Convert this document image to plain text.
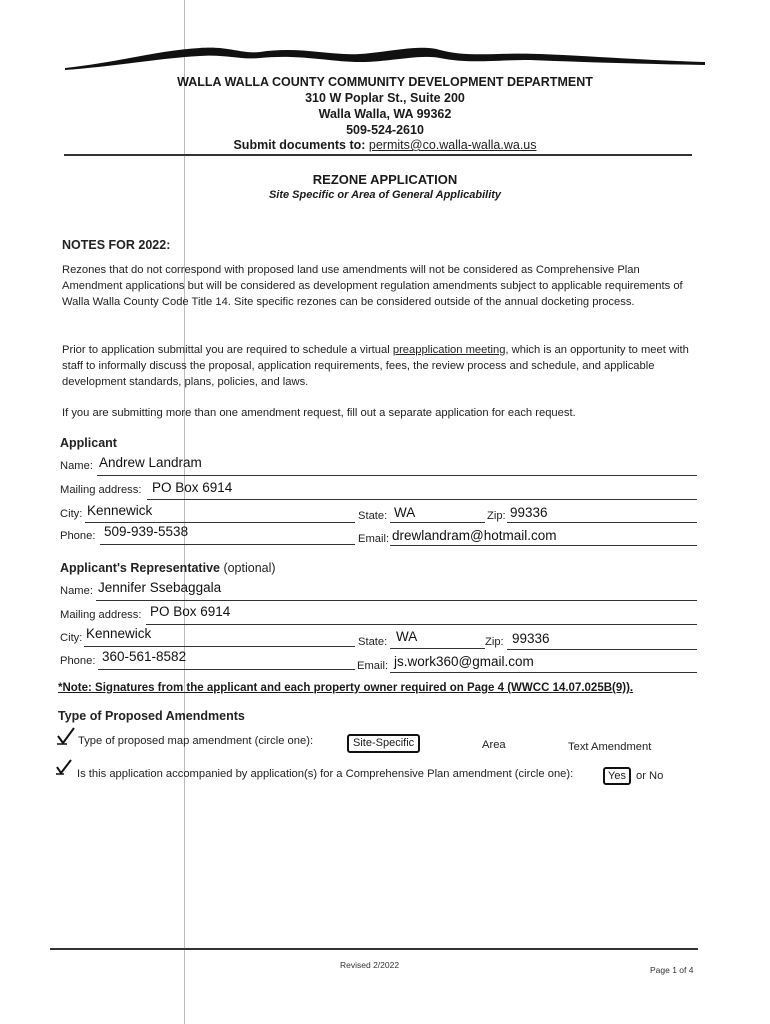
WALLA WALLA COUNTY COMMUNITY DEVELOPMENT DEPARTMENT
310 W Poplar St., Suite 200
Walla Walla, WA 99362
509-524-2610
Submit documents to: permits@co.walla-walla.wa.us
REZONE APPLICATION
Site Specific or Area of General Applicability
NOTES FOR 2022:
Rezones that do not correspond with proposed land use amendments will not be considered as Comprehensive Plan Amendment applications but will be considered as development regulation amendments subject to applicable requirements of Walla Walla County Code Title 14. Site specific rezones can be considered outside of the annual docketing process.
Prior to application submittal you are required to schedule a virtual preapplication meeting, which is an opportunity to meet with staff to informally discuss the proposal, application requirements, fees, the review process and schedule, and applicable development standards, plans, policies, and laws.
If you are submitting more than one amendment request, fill out a separate application for each request.
Applicant
Name: Andrew Landram
Mailing address: PO Box 6914
City: Kennewick	State: WA	Zip: 99336
Phone: 509-939-5538	Email: drewlandram@hotmail.com
Applicant's Representative (optional)
Name: Jennifer Ssebaggala
Mailing address: PO Box 6914
City: Kennewick
State: WA	Zip: 99336
Phone: 360-561-8582
Email: js.work360@gmail.com
*Note: Signatures from the applicant and each property owner required on Page 4 (WWCC 14.07.025B(9)).
Type of Proposed Amendments
Type of proposed map amendment (circle one):	Site-Specific	Area	Text Amendment
Is this application accompanied by application(s) for a Comprehensive Plan amendment (circle one):	Yes or No
Revised 2/2022	Page 1 of 4
